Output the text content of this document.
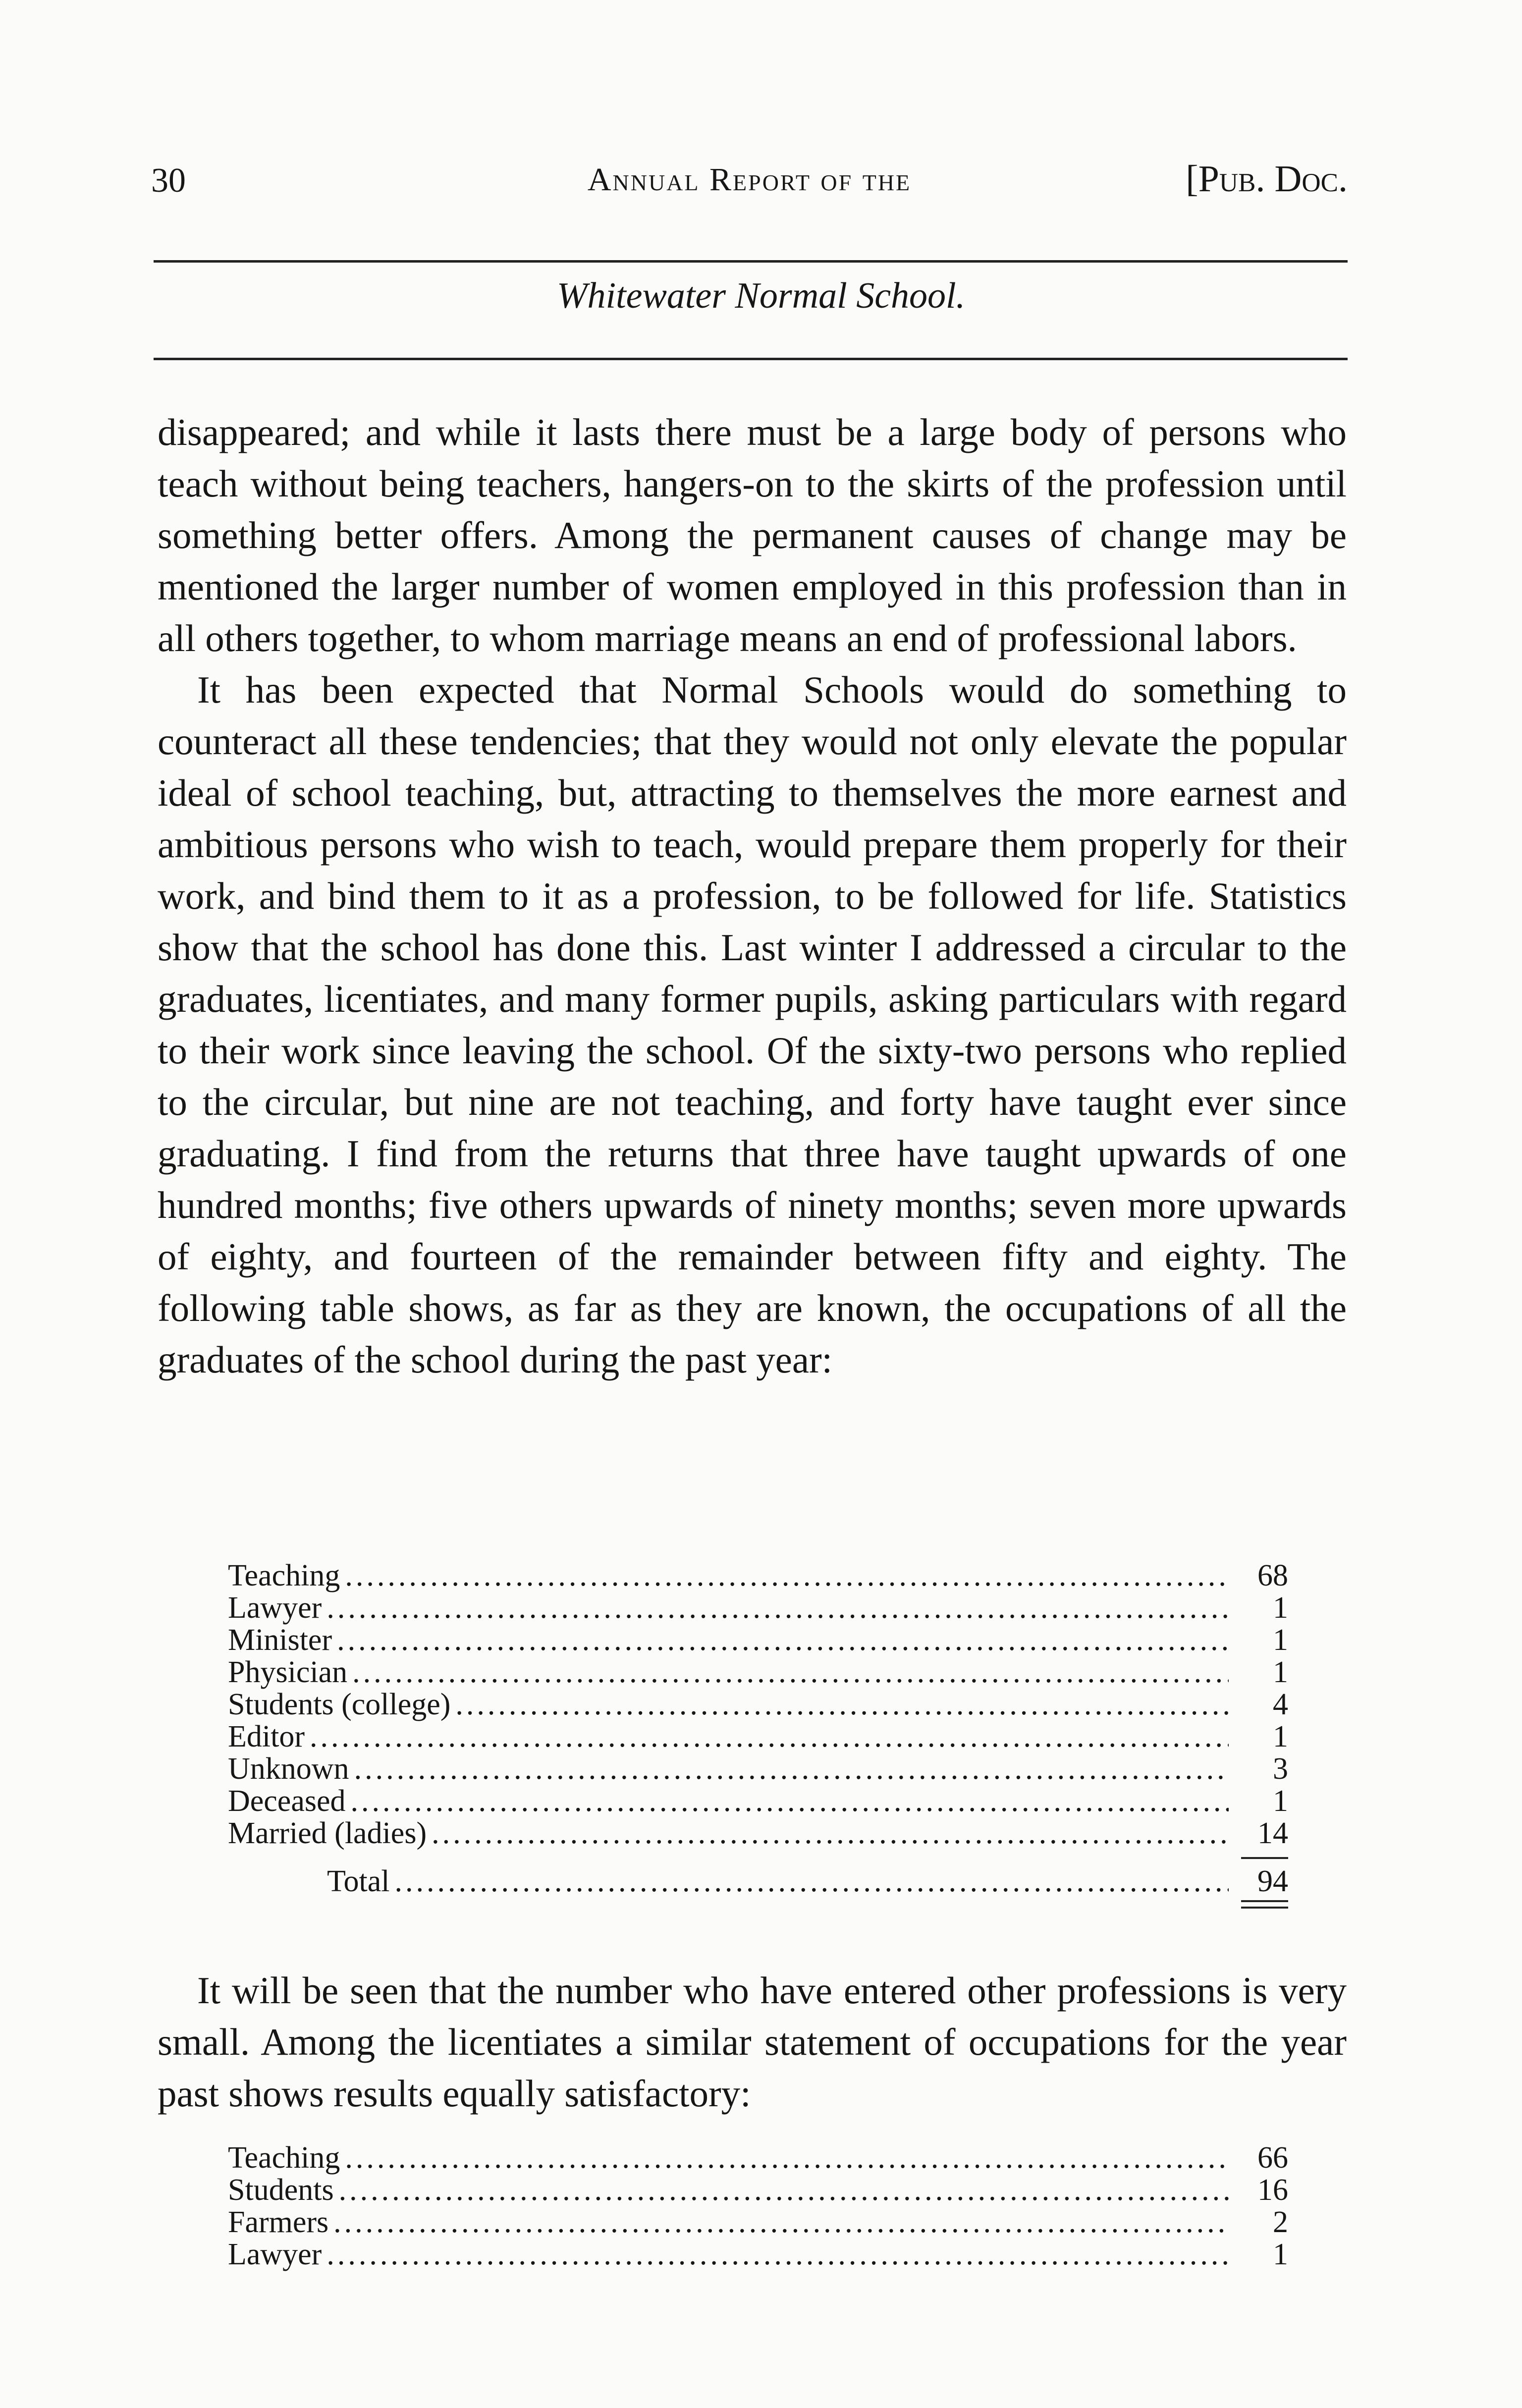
30	Annual Report of the	[Pub. Doc.
Whitewater Normal School.

disappeared; and while it lasts there must be a large body of persons who teach without being teachers, hangers-on to the skirts of the profession until something better offers. Among the permanent causes of change may be mentioned the larger number of women employed in this profession than in all others together, to whom marriage means an end of professional labors.

It has been expected that Normal Schools would do something to counteract all these tendencies; that they would not only elevate the popular ideal of school teaching, but, attracting to themselves the more earnest and ambitious persons who wish to teach, would prepare them properly for their work, and bind them to it as a profession, to be followed for life. Statistics show that the school has done this. Last winter I addressed a circular to the graduates, licentiates, and many former pupils, asking particulars with regard to their work since leaving the school. Of the sixty-two persons who replied to the circular, but nine are not teaching, and forty have taught ever since graduating. I find from the returns that three have taught upwards of one hundred months; five others upwards of ninety months; seven more upwards of eighty, and fourteen of the remainder between fifty and eighty. The following table shows, as far as they are known, the occupations of all the graduates of the school during the past year:

Teaching .....	68
Lawyer .....	1
Minister .....	1
Physician .....	1
Students (college) .....	4
Editor .....	1
Unknown .....	3
Deceased .....	1
Married (ladies) .....	14
Total .....	94

It will be seen that the number who have entered other professions is very small. Among the licentiates a similar statement of occupations for the year past shows results equally satisfactory:

Teaching .....	66
Students .....	16
Farmers .....	2
Lawyer .....	1
